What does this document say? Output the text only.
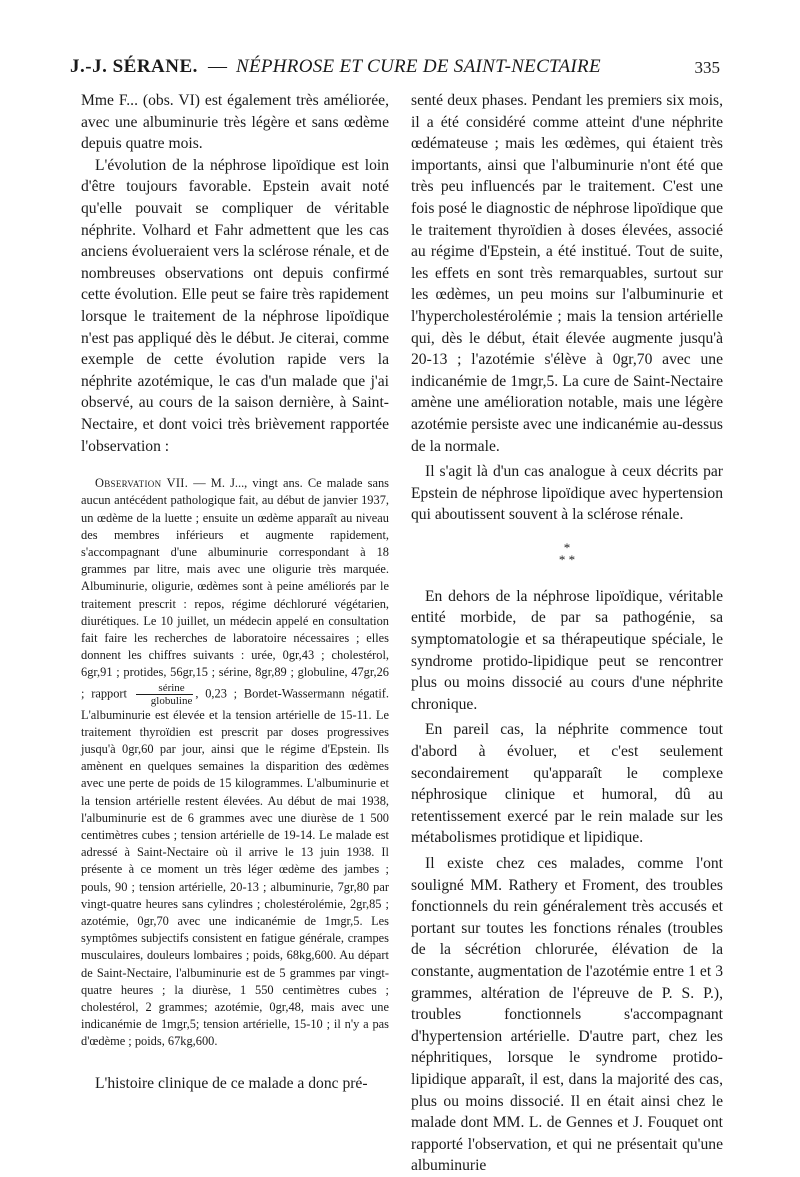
J.-J. SÉRANE. — NÉPHROSE ET CURE DE SAINT-NECTAIRE	335

Mme F... (obs. VI) est également très améliorée, avec une albuminurie très légère et sans œdème depuis quatre mois.

L'évolution de la néphrose lipoïdique est loin d'être toujours favorable. Epstein avait noté qu'elle pouvait se compliquer de véritable néphrite. Volhard et Fahr admettent que les cas anciens évolueraient vers la sclérose rénale, et de nombreuses observations ont depuis confirmé cette évolution. Elle peut se faire très rapidement lorsque le traitement de la néphrose lipoïdique n'est pas appliqué dès le début. Je citerai, comme exemple de cette évolution rapide vers la néphrite azotémique, le cas d'un malade que j'ai observé, au cours de la saison dernière, à Saint-Nectaire, et dont voici très brièvement rapportée l'observation :

Observation VII. — M. J..., vingt ans. Ce malade sans aucun antécédent pathologique fait, au début de janvier 1937, un œdème de la luette ; ensuite un œdème apparaît au niveau des membres inférieurs et augmente rapidement, s'accompagnant d'une albuminurie correspondant à 18 grammes par litre, mais avec une oligurie très marquée. Albuminurie, oligurie, œdèmes sont à peine améliorés par le traitement prescrit : repos, régime déchloruré végétarien, diurétiques. Le 10 juillet, un médecin appelé en consultation fait faire les recherches de laboratoire nécessaires ; elles donnent les chiffres suivants : urée, 0gr,43 ; cholestérol, 6gr,91 ; protides, 56gr,15 ; sérine, 8gr,89 ; globuline, 47gr,26 ; rapport $\frac{\text{sérine}}{\text{globuline}}$ , 0,23 ; Bordet-Wassermann négatif. L'albuminurie est élevée et la tension artérielle de 15-11. Le traitement thyroïdien est prescrit par doses progressives jusqu'à 0gr,60 par jour, ainsi que le régime d'Epstein. Ils amènent en quelques semaines la disparition des œdèmes avec une perte de poids de 15 kilogrammes. L'albuminurie et la tension artérielle restent élevées. Au début de mai 1938, l'albuminurie est de 6 grammes avec une diurèse de 1 500 centimètres cubes ; tension artérielle de 19-14. Le malade est adressé à Saint-Nectaire où il arrive le 13 juin 1938. Il présente à ce moment un très léger œdème des jambes ; pouls, 90 ; tension artérielle, 20-13 ; albuminurie, 7gr,80 par vingt-quatre heures sans cylindres ; cholestérolémie, 2gr,85 ; azotémie, 0gr,70 avec une indicanémie de 1mgr,5. Les symptômes subjectifs consistent en fatigue générale, crampes musculaires, douleurs lombaires ; poids, 68kg,600. Au départ de Saint-Nectaire, l'albuminurie est de 5 grammes par vingt-quatre heures ; la diurèse, 1 550 centimètres cubes ; cholestérol, 2 grammes; azotémie, 0gr,48, mais avec une indicanémie de 1mgr,5; tension artérielle, 15-10 ; il n'y a pas d'œdème ; poids, 67kg,600.

L'histoire clinique de ce malade a donc pré-

senté deux phases. Pendant les premiers six mois, il a été considéré comme atteint d'une néphrite œdémateuse ; mais les œdèmes, qui étaient très importants, ainsi que l'albuminurie n'ont été que très peu influencés par le traitement. C'est une fois posé le diagnostic de néphrose lipoïdique que le traitement thyroïdien à doses élevées, associé au régime d'Epstein, a été institué. Tout de suite, les effets en sont très remarquables, surtout sur les œdèmes, un peu moins sur l'albuminurie et l'hypercholestérolémie ; mais la tension artérielle qui, dès le début, était élevée augmente jusqu'à 20-13 ; l'azotémie s'élève à 0gr,70 avec une indicanémie de 1mgr,5. La cure de Saint-Nectaire amène une amélioration notable, mais une légère azotémie persiste avec une indicanémie au-dessus de la normale.

Il s'agit là d'un cas analogue à ceux décrits par Epstein de néphrose lipoïdique avec hypertension qui aboutissent souvent à la sclérose rénale.

*
* *

En dehors de la néphrose lipoïdique, véritable entité morbide, de par sa pathogénie, sa symptomatologie et sa thérapeutique spéciale, le syndrome protido-lipidique peut se rencontrer plus ou moins dissocié au cours d'une néphrite chronique.

En pareil cas, la néphrite commence tout d'abord à évoluer, et c'est seulement secondairement qu'apparaît le complexe néphrosique clinique et humoral, dû au retentissement exercé par le rein malade sur les métabolismes protidique et lipidique.

Il existe chez ces malades, comme l'ont souligné MM. Rathery et Froment, des troubles fonctionnels du rein généralement très accusés et portant sur toutes les fonctions rénales (troubles de la sécrétion chlorurée, élévation de la constante, augmentation de l'azotémie entre 1 et 3 grammes, altération de l'épreuve de P. S. P.), troubles fonctionnels s'accompagnant d'hypertension artérielle. D'autre part, chez les néphritiques, lorsque le syndrome protido-lipidique apparaît, il est, dans la majorité des cas, plus ou moins dissocié. Il en était ainsi chez le malade dont MM. L. de Gennes et J. Fouquet ont rapporté l'observation, et qui ne présentait qu'une albuminurie
